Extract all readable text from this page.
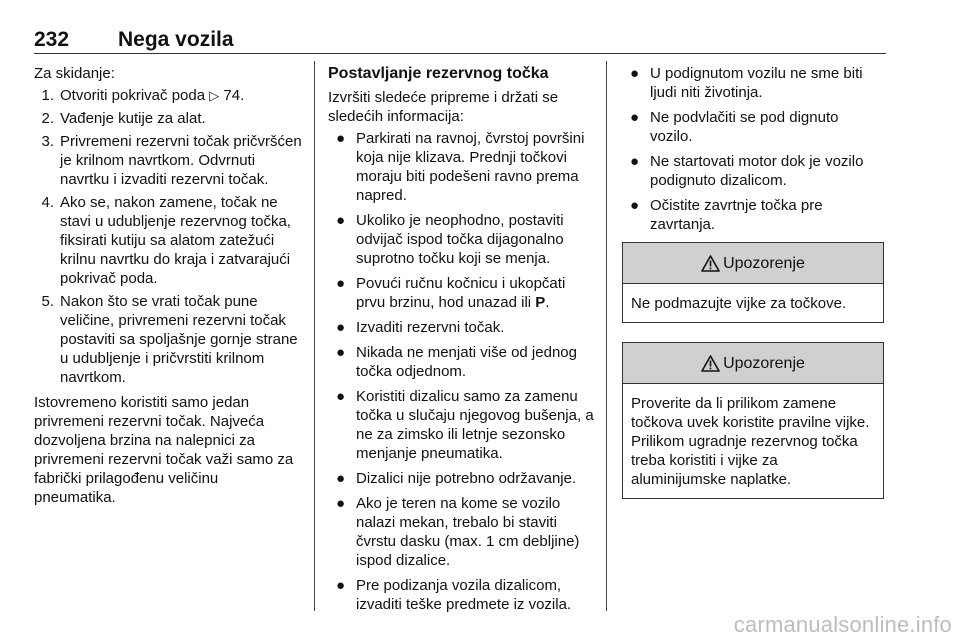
232 Nega vozila

Za skidanje:

1. Otvoriti pokrivač poda ▷ 74.
2. Vađenje kutije za alat.
3. Privremeni rezervni točak pričvršćen je krilnom navrtkom. Odvrnuti navrtku i izvaditi rezervni točak.
4. Ako se, nakon zamene, točak ne stavi u udubljenje rezervnog točka, fiksirati kutiju sa alatom zatežući krilnu navrtku do kraja i zatvarajući pokrivač poda.
5. Nakon što se vrati točak pune veličine, privremeni rezervni točak postaviti sa spoljašnje gornje strane u udubljenje i pričvrstiti krilnom navrtkom.

Istovremeno koristiti samo jedan privremeni rezervni točak. Najveća dozvoljena brzina na nalepnici za privremeni rezervni točak važi samo za fabrički prilagođenu veličinu pneumatika.

Postavljanje rezervnog točka

Izvršiti sledeće pripreme i držati se sledećih informacija:

● Parkirati na ravnoj, čvrstoj površini koja nije klizava. Prednji točkovi moraju biti podešeni ravno prema napred.
● Ukoliko je neophodno, postaviti odvijač ispod točka dijagonalno suprotno točku koji se menja.
● Povući ručnu kočnicu i ukopčati prvu brzinu, hod unazad ili P.
● Izvaditi rezervni točak.
● Nikada ne menjati više od jednog točka odjednom.
● Koristiti dizalicu samo za zamenu točka u slučaju njegovog bušenja, a ne za zimsko ili letnje sezonsko menjanje pneumatika.
● Dizalici nije potrebno održavanje.
● Ako je teren na kome se vozilo nalazi mekan, trebalo bi staviti čvrstu dasku (max. 1 cm debljine) ispod dizalice.
● Pre podizanja vozila dizalicom, izvaditi teške predmete iz vozila.
● U podignutom vozilu ne sme biti ljudi niti životinja.
● Ne podvlačiti se pod dignuto vozilo.
● Ne startovati motor dok je vozilo podignuto dizalicom.
● Očistite zavrtnje točka pre zavrtanja.
Upozorenje
Ne podmazujte vijke za točkove.
Upozorenje
Proverite da li prilikom zamene točkova uvek koristite pravilne vijke. Prilikom ugradnje rezervnog točka treba koristiti i vijke za aluminijumske naplatke.
carmanualsonline.info
